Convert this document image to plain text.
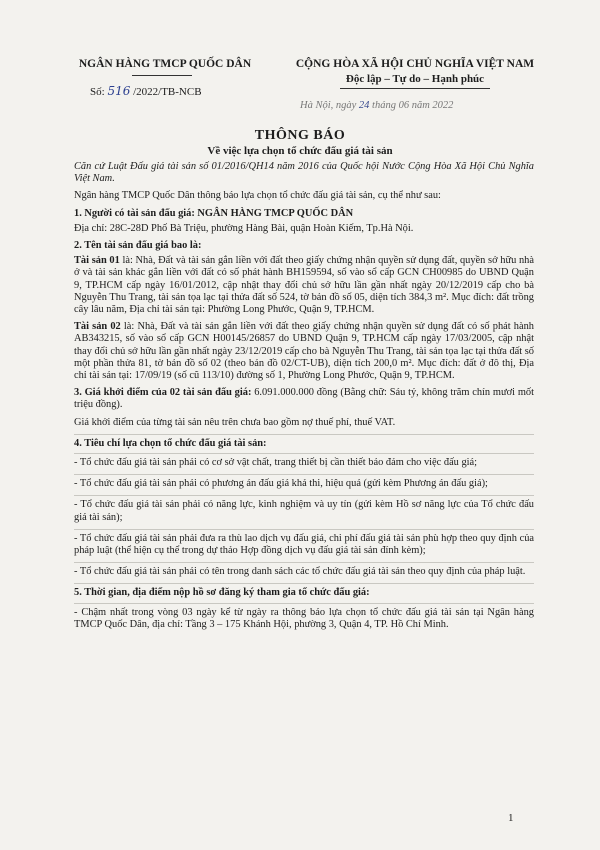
NGÂN HÀNG TMCP QUỐC DÂN
Số: 516 /2022/TB-NCB
CỘNG HÒA XÃ HỘI CHỦ NGHĨA VIỆT NAM
Độc lập – Tự do – Hạnh phúc
Hà Nội, ngày 24 tháng 06 năm 2022
THÔNG BÁO
Về việc lựa chọn tổ chức đấu giá tài sản

Căn cứ Luật Đấu giá tài sản số 01/2016/QH14 năm 2016 của Quốc hội Nước Cộng Hòa Xã Hội Chủ Nghĩa Việt Nam.

Ngân hàng TMCP Quốc Dân thông báo lựa chọn tổ chức đấu giá tài sản, cụ thể như sau:

1. Người có tài sản đấu giá: NGÂN HÀNG TMCP QUỐC DÂN

Địa chỉ: 28C-28D Phố Bà Triệu, phường Hàng Bài, quận Hoàn Kiếm, Tp.Hà Nội.

2. Tên tài sản đấu giá bao là:

Tài sản 01 là: Nhà, Đất và tài sản gắn liền với đất theo giấy chứng nhận quyền sử dụng đất, quyền sở hữu nhà ở và tài sản khác gắn liền với đất có số phát hành BH159594, số vào sổ cấp GCN CH00985 do UBND Quận 9, TP.HCM cấp ngày 16/01/2012, cập nhật thay đổi chủ sở hữu lần gần nhất ngày 20/12/2019 cấp cho bà Nguyễn Thu Trang, tài sản tọa lạc tại thửa đất số 524, tờ bản đồ số 05, diện tích 384,3 m². Mục đích: đất trồng cây lâu năm, Địa chỉ tài sản tại: Phường Long Phước, Quận 9, TP.HCM.

Tài sản 02 là: Nhà, Đất và tài sản gắn liền với đất theo giấy chứng nhận quyền sử dụng đất có số phát hành AB343215, số vào sổ cấp GCN H00145/26857 do UBND Quận 9, TP.HCM cấp ngày 17/03/2005, cập nhật thay đổi chủ sở hữu lần gần nhất ngày 23/12/2019 cấp cho bà Nguyễn Thu Trang, tài sản tọa lạc tại thửa đất số một phần thửa 81, tờ bản đồ số 02 (theo bản đồ 02/CT-UB), diện tích 200,0 m². Mục đích: đất ở đô thị, Địa chỉ tài sản tại: 17/09/19 (số cũ 113/10) đường số 1, Phường Long Phước, Quận 9, TP.HCM.

3. Giá khởi điểm của 02 tài sản đấu giá: 6.091.000.000 đồng (Bằng chữ: Sáu tỷ, không trăm chín mươi mốt triệu đồng).

Giá khởi điểm của từng tài sản nêu trên chưa bao gồm nợ thuế phí, thuế VAT.

4. Tiêu chí lựa chọn tổ chức đấu giá tài sản:

- Tổ chức đấu giá tài sản phải có cơ sở vật chất, trang thiết bị cần thiết bảo đảm cho việc đấu giá;

- Tổ chức đấu giá tài sản phải có phương án đấu giá khả thi, hiệu quả (gửi kèm Phương án đấu giá);

- Tổ chức đấu giá tài sản phải có năng lực, kinh nghiệm và uy tín (gửi kèm Hồ sơ năng lực của Tổ chức đấu giá tài sản);

- Tổ chức đấu giá tài sản phải đưa ra thù lao dịch vụ đấu giá, chi phí đấu giá tài sản phù hợp theo quy định của pháp luật (thể hiện cụ thể trong dự thảo Hợp đồng dịch vụ đấu giá tài sản đính kèm);

- Tổ chức đấu giá tài sản phải có tên trong danh sách các tổ chức đấu giá tài sản theo quy định của pháp luật.

5. Thời gian, địa điểm nộp hồ sơ đăng ký tham gia tổ chức đấu giá:

- Chậm nhất trong vòng 03 ngày kể từ ngày ra thông báo lựa chọn tổ chức đấu giá tài sản tại Ngân hàng TMCP Quốc Dân, địa chỉ: Tầng 3 – 175 Khánh Hội, phường 3, Quận 4, TP. Hồ Chí Minh.

1
